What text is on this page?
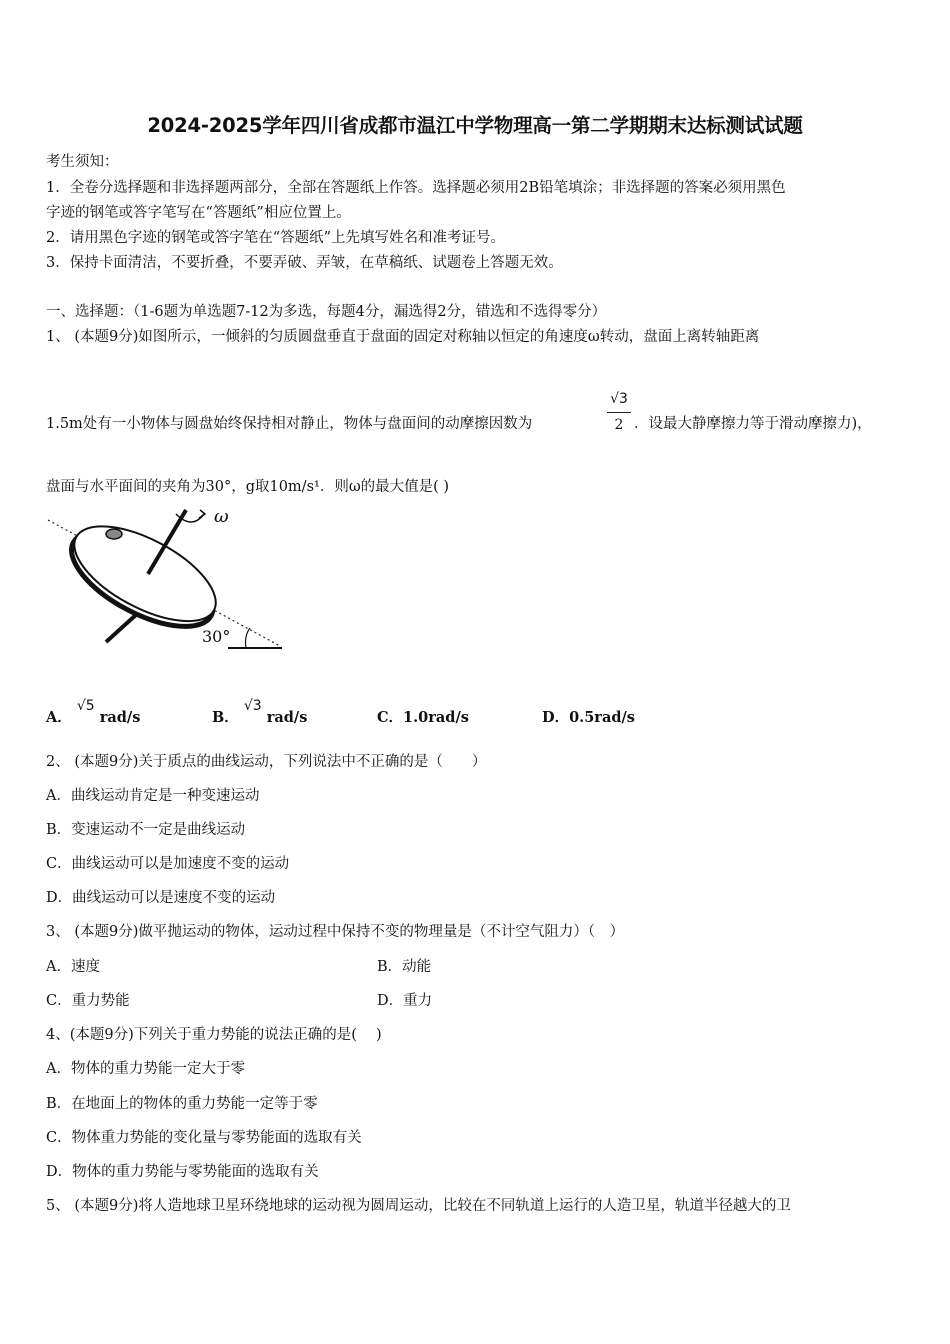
2024-2025学年四川省成都市温江中学物理高一第二学期期末达标测试试题
考生须知：
1．全卷分选择题和非选择题两部分，全部在答题纸上作答。选择题必须用2B铅笔填涂；非选择题的答案必须用黑色
字迹的钢笔或答字笔写在“答题纸”相应位置上。
2．请用黑色字迹的钢笔或答字笔在“答题纸”上先填写姓名和准考证号。
3．保持卡面清洁，不要折叠，不要弄破、弄皱，在草稿纸、试题卷上答题无效。
一、选择题：（1-6题为单选题7-12为多选，每题4分，漏选得2分，错选和不选得零分）
1、 (本题9分)如图所示，一倾斜的匀质圆盘垂直于盘面的固定对称轴以恒定的角速度ω转动，盘面上离转轴距离
1.5m处有一小物体与圆盘始终保持相对静止，物体与盘面间的动摩擦因数为
√3
2 ．设最大静摩擦力等于滑动摩擦力)，
盘面与水平面间的夹角为30°，g取10m/s¹．则ω的最大值是( )
ω
30°
A． √5 rad/s	B． √3 rad/s	C．1.0rad/s	D．0.5rad/s
2、 (本题9分)关于质点的曲线运动，下列说法中不正确的是（　　）
A．曲线运动肯定是一种变速运动
B．变速运动不一定是曲线运动
C．曲线运动可以是加速度不变的运动
D．曲线运动可以是速度不变的运动
3、 (本题9分)做平抛运动的物体，运动过程中保持不变的物理量是（不计空气阻力）（　）
A．速度	B．动能
C．重力势能	D．重力
4、(本题9分)下列关于重力势能的说法正确的是(　 )
A．物体的重力势能一定大于零
B．在地面上的物体的重力势能一定等于零
C．物体重力势能的变化量与零势能面的选取有关
D．物体的重力势能与零势能面的选取有关
5、 (本题9分)将人造地球卫星环绕地球的运动视为圆周运动，比较在不同轨道上运行的人造卫星，轨道半径越大的卫
